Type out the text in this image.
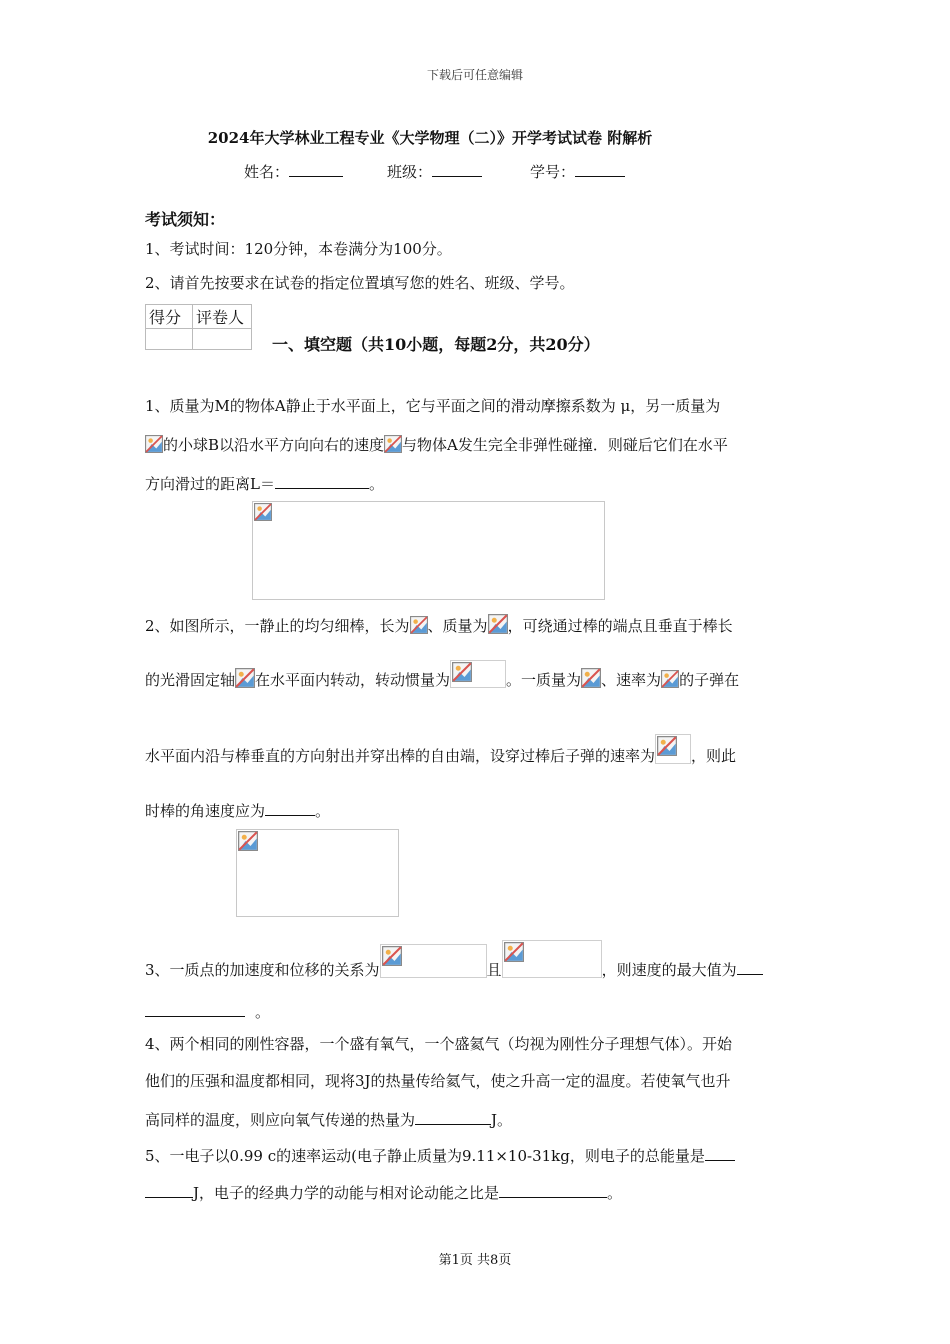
下载后可任意编辑
2024年大学林业工程专业《大学物理（二）》开学考试试卷 附解析
姓名：	班级：	学号：
考试须知：
1、考试时间：120分钟，本卷满分为100分。
2、请首先按要求在试卷的指定位置填写您的姓名、班级、学号。
得分	评卷人

一、填空题（共10小题，每题2分，共20分）
1、质量为M的物体A静止于水平面上，它与平面之间的滑动摩擦系数为 μ，另一质量为
的小球B以沿水平方向向右的速度 与物体A发生完全非弹性碰撞．则碰后它们在水平
方向滑过的距离L＝	。
2、如图所示，一静止的均匀细棒，长为 、质量为 ，可绕通过棒的端点且垂直于棒长
的光滑固定轴 在水平面内转动，转动惯量为	。一质量为 、速率为 的子弹在
水平面内沿与棒垂直的方向射出并穿出棒的自由端，设穿过棒后子弹的速率为 ，则此
时棒的角速度应为	。
3、一质点的加速度和位移的关系为	且	，则速度的最大值为
。
4、两个相同的刚性容器，一个盛有氧气，一个盛氦气（均视为刚性分子理想气体）。开始
他们的压强和温度都相同，现将3J的热量传给氦气，使之升高一定的温度。若使氧气也升
高同样的温度，则应向氧气传递的热量为	J。
5、一电子以0.99 c的速率运动(电子静止质量为9.11×10-31kg，则电子的总能量是
J，电子的经典力学的动能与相对论动能之比是	。
第1页 共8页
